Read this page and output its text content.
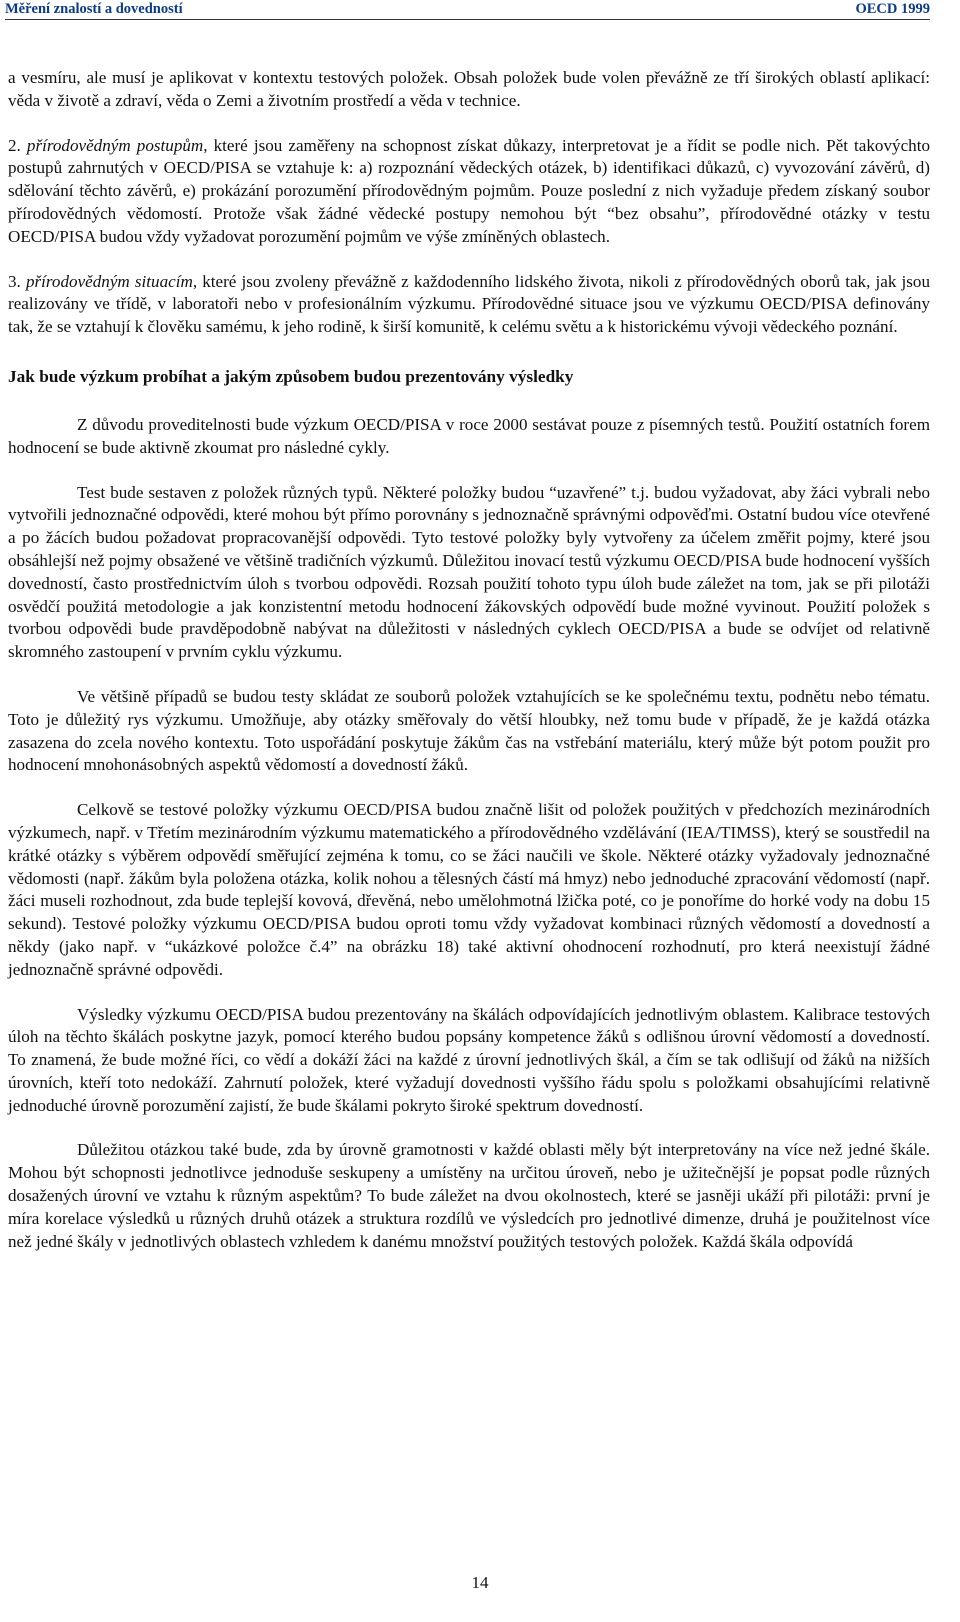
Měření znalostí a dovedností	OECD 1999

a vesmíru, ale musí je aplikovat v kontextu testových položek. Obsah položek bude volen převážně ze tří širokých oblastí aplikací: věda v životě a zdraví, věda o Zemi a životním prostředí a věda v technice.

2. přírodovědným postupům, které jsou zaměřeny na schopnost získat důkazy, interpretovat je a řídit se podle nich. Pět takovýchto postupů zahrnutých v OECD/PISA se vztahuje k: a) rozpoznání vědeckých otázek, b) identifikaci důkazů, c) vyvozování závěrů, d) sdělování těchto závěrů, e) prokázání porozumění přírodovědným pojmům. Pouze poslední z nich vyžaduje předem získaný soubor přírodovědných vědomostí. Protože však žádné vědecké postupy nemohou být “bez obsahu”, přírodovědné otázky v testu OECD/PISA budou vždy vyžadovat porozumění pojmům ve výše zmíněných oblastech.

3. přírodovědným situacím, které jsou zvoleny převážně z každodenního lidského života, nikoli z přírodovědných oborů tak, jak jsou realizovány ve třídě, v laboratoři nebo v profesionálním výzkumu. Přírodovědné situace jsou ve výzkumu OECD/PISA definovány tak, že se vztahují k člověku samému, k jeho rodině, k širší komunitě, k celému světu a k historickému vývoji vědeckého poznání.

Jak bude výzkum probíhat a jakým způsobem budou prezentovány výsledky

Z důvodu proveditelnosti bude výzkum OECD/PISA v roce 2000 sestávat pouze z písemných testů. Použití ostatních forem hodnocení se bude aktivně zkoumat pro následné cykly.

Test bude sestaven z položek různých typů. Některé položky budou “uzavřené” t.j. budou vyžadovat, aby žáci vybrali nebo vytvořili jednoznačné odpovědi, které mohou být přímo porovnány s jednoznačně správnými odpověďmi. Ostatní budou více otevřené a po žácích budou požadovat propracovanější odpovědi. Tyto testové položky byly vytvořeny za účelem změřit pojmy, které jsou obsáhlejší než pojmy obsažené ve většině tradičních výzkumů. Důležitou inovací testů výzkumu OECD/PISA bude hodnocení vyšších dovedností, často prostřednictvím úloh s tvorbou odpovědi. Rozsah použití tohoto typu úloh bude záležet na tom, jak se při pilotáži osvědčí použitá metodologie a jak konzistentní metodu hodnocení žákovských odpovědí bude možné vyvinout. Použití položek s tvorbou odpovědi bude pravděpodobně nabývat na důležitosti v následných cyklech OECD/PISA a bude se odvíjet od relativně skromného zastoupení v prvním cyklu výzkumu.

Ve většině případů se budou testy skládat ze souborů položek vztahujících se ke společnému textu, podnětu nebo tématu. Toto je důležitý rys výzkumu. Umožňuje, aby otázky směřovaly do větší hloubky, než tomu bude v případě, že je každá otázka zasazena do zcela nového kontextu. Toto uspořádání poskytuje žákům čas na vstřebání materiálu, který může být potom použit pro hodnocení mnohonásobných aspektů vědomostí a dovedností žáků.

Celkově se testové položky výzkumu OECD/PISA budou značně lišit od položek použitých v předchozích mezinárodních výzkumech, např. v Třetím mezinárodním výzkumu matematického a přírodovědného vzdělávání (IEA/TIMSS), který se soustředil na krátké otázky s výběrem odpovědí směřující zejména k tomu, co se žáci naučili ve škole. Některé otázky vyžadovaly jednoznačné vědomosti (např. žákům byla položena otázka, kolik nohou a tělesných částí má hmyz) nebo jednoduché zpracování vědomostí (např. žáci museli rozhodnout, zda bude teplejší kovová, dřevěná, nebo umělohmotná lžička poté, co je ponoříme do horké vody na dobu 15 sekund). Testové položky výzkumu OECD/PISA budou oproti tomu vždy vyžadovat kombinaci různých vědomostí a dovedností a někdy (jako např. v “ukázkové položce č.4” na obrázku 18) také aktivní ohodnocení rozhodnutí, pro která neexistují žádné jednoznačně správné odpovědi.

Výsledky výzkumu OECD/PISA budou prezentovány na škálách odpovídajících jednotlivým oblastem. Kalibrace testových úloh na těchto škálách poskytne jazyk, pomocí kterého budou popsány kompetence žáků s odlišnou úrovní vědomostí a dovedností. To znamená, že bude možné říci, co vědí a dokáží žáci na každé z úrovní jednotlivých škál, a čím se tak odlišují od žáků na nižších úrovních, kteří toto nedokáží. Zahrnutí položek, které vyžadují dovednosti vyššího řádu spolu s položkami obsahujícími relativně jednoduché úrovně porozumění zajistí, že bude škálami pokryto široké spektrum dovedností.

Důležitou otázkou také bude, zda by úrovně gramotnosti v každé oblasti měly být interpretovány na více než jedné škále. Mohou být schopnosti jednotlivce jednoduše seskupeny a umístěny na určitou úroveň, nebo je užitečnější je popsat podle různých dosažených úrovní ve vztahu k různým aspektům? To bude záležet na dvou okolnostech, které se jasněji ukáží při pilotáži: první je míra korelace výsledků u různých druhů otázek a struktura rozdílů ve výsledcích pro jednotlivé dimenze, druhá je použitelnost více než jedné škály v jednotlivých oblastech vzhledem k danému množství použitých testových položek. Každá škála odpovídá

14
